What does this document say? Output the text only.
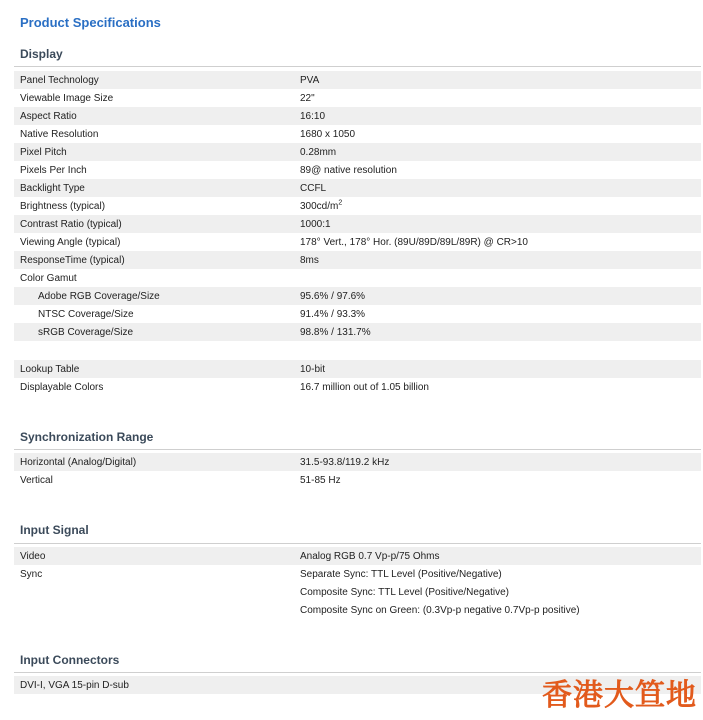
Product Specifications
Display
Panel Technology	PVA
Viewable Image Size	22"
Aspect Ratio	16:10
Native Resolution	1680 x 1050
Pixel Pitch	0.28mm
Pixels Per Inch	89@ native resolution
Backlight Type	CCFL
Brightness (typical)	$300cd/m^2$
Contrast Ratio (typical)	1000:1
Viewing Angle (typical)	178° Vert., 178° Hor. (89U/89D/89L/89R) @ CR>10
ResponseTime (typical)	8ms
Color Gamut
Adobe RGB Coverage/Size	95.6% / 97.6%
NTSC Coverage/Size	91.4% / 93.3%
sRGB Coverage/Size	98.8% / 131.7%
Lookup Table	10-bit
Displayable Colors	16.7 million out of 1.05 billion
Synchronization Range
Horizontal (Analog/Digital)	31.5-93.8/119.2 kHz
Vertical	51-85 Hz
Input Signal
Video	Analog RGB 0.7 Vp-p/75 Ohms
Sync	Separate Sync: TTL Level (Positive/Negative)
Composite Sync: TTL Level (Positive/Negative)
Composite Sync on Green: (0.3Vp-p negative 0.7Vp-p positive)
Input Connectors
DVI-I, VGA 15-pin D-sub	香港大笪地
